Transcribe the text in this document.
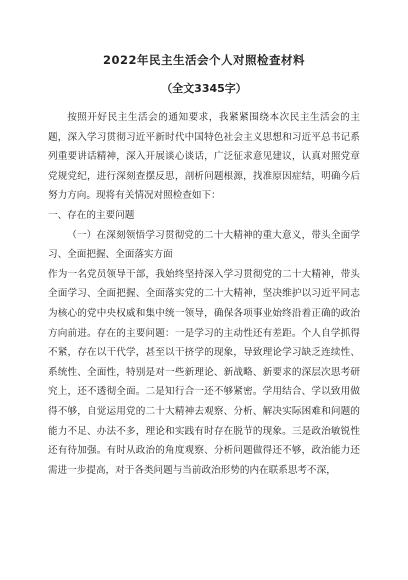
2022年民主生活会个人对照检查材料
（全文3345字）

按照开好民主生活会的通知要求，我紧紧围绕本次民主生活会的主题，深入学习贯彻习近平新时代中国特色社会主义思想和习近平总书记系列重要讲话精神，深入开展谈心谈话，广泛征求意见建议，认真对照党章党规党纪，进行深刻查摆反思，剖析问题根源，找准原因症结，明确今后努力方向。现将有关情况对照检查如下：

一、存在的主要问题

（一）在深刻领悟学习贯彻党的二十大精神的重大意义，带头全面学习、全面把握、全面落实方面

作为一名党员领导干部，我始终坚持深入学习贯彻党的二十大精神，带头全面学习、全面把握、全面落实党的二十大精神，坚决维护以习近平同志为核心的党中央权威和集中统一领导，确保各项事业始终沿着正确的政治方向前进。存在的主要问题：一是学习的主动性还有差距。个人自学抓得不紧，存在以干代学，甚至以干挤学的现象，导致理论学习缺乏连续性、系统性、全面性，特别是对一些新理论、新战略、新要求的深层次思考研究上，还不透彻全面。二是知行合一还不够紧密。学用结合、学以致用做得不够，自觉运用党的二十大精神去观察、分析、解决实际困难和问题的能力不足、办法不多，理论和实践有时存在脱节的现象。三是政治敏锐性还有待加强。有时从政治的角度观察、分析问题做得还不够，政治能力还需进一步提高，对于各类问题与当前政治形势的内在联系思考不深，
